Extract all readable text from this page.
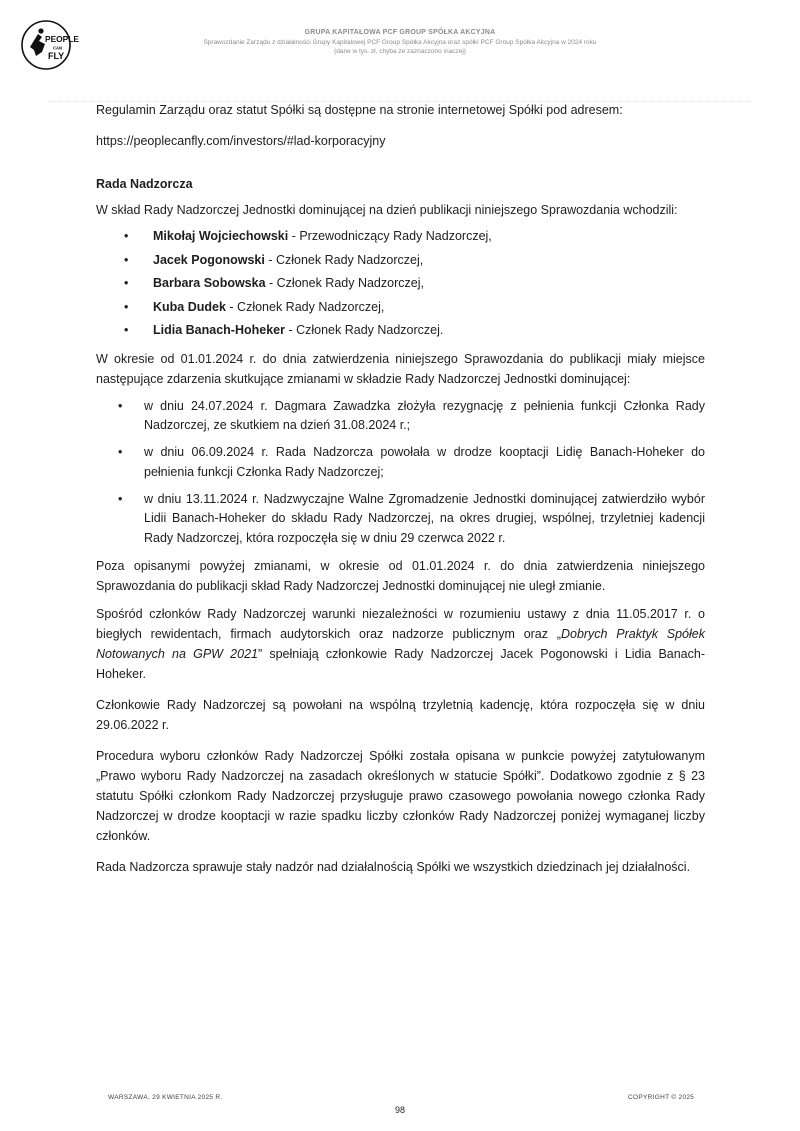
PEOPLE
CAN
FLY
GRUPA KAPITAŁOWA PCF GROUP SPÓŁKA AKCYJNA
Sprawozdanie Zarządu z działalności Grupy Kapitałowej PCF Group Spółka Akcyjna oraz spółki PCF Group Spółka Akcyjna w 2024 roku
(dane w tys. zł, chyba że zaznaczono inaczej)

Regulamin Zarządu oraz statut Spółki są dostępne na stronie internetowej Spółki pod adresem:

https://peoplecanfly.com/investors/#lad-korporacyjny

Rada Nadzorcza

W skład Rady Nadzorczej Jednostki dominującej na dzień publikacji niniejszego Sprawozdania wchodzili:

• Mikołaj Wojciechowski - Przewodniczący Rady Nadzorczej,
• Jacek Pogonowski - Członek Rady Nadzorczej,
• Barbara Sobowska - Członek Rady Nadzorczej,
• Kuba Dudek - Członek Rady Nadzorczej,
• Lidia Banach-Hoheker - Członek Rady Nadzorczej.

W okresie od 01.01.2024 r. do dnia zatwierdzenia niniejszego Sprawozdania do publikacji miały miejsce następujące zdarzenia skutkujące zmianami w składzie Rady Nadzorczej Jednostki dominującej:

• w dniu 24.07.2024 r. Dagmara Zawadzka złożyła rezygnację z pełnienia funkcji Członka Rady Nadzorczej, ze skutkiem na dzień 31.08.2024 r.;
• w dniu 06.09.2024 r. Rada Nadzorcza powołała w drodze kooptacji Lidię Banach-Hoheker do pełnienia funkcji Członka Rady Nadzorczej;
• w dniu 13.11.2024 r. Nadzwyczajne Walne Zgromadzenie Jednostki dominującej zatwierdziło wybór Lidii Banach-Hoheker do składu Rady Nadzorczej, na okres drugiej, wspólnej, trzyletniej kadencji Rady Nadzorczej, która rozpoczęła się w dniu 29 czerwca 2022 r.

Poza opisanymi powyżej zmianami, w okresie od 01.01.2024 r. do dnia zatwierdzenia niniejszego Sprawozdania do publikacji skład Rady Nadzorczej Jednostki dominującej nie uległ zmianie.

Spośród członków Rady Nadzorczej warunki niezależności w rozumieniu ustawy z dnia 11.05.2017 r. o biegłych rewidentach, firmach audytorskich oraz nadzorze publicznym oraz „Dobrych Praktyk Spółek Notowanych na GPW 2021” spełniają członkowie Rady Nadzorczej Jacek Pogonowski i Lidia Banach-Hoheker.

Członkowie Rady Nadzorczej są powołani na wspólną trzyletnią kadencję, która rozpoczęła się w dniu 29.06.2022 r.

Procedura wyboru członków Rady Nadzorczej Spółki została opisana w punkcie powyżej zatytułowanym „Prawo wyboru Rady Nadzorczej na zasadach określonych w statucie Spółki”. Dodatkowo zgodnie z § 23 statutu Spółki członkom Rady Nadzorczej przysługuje prawo czasowego powołania nowego członka Rady Nadzorczej w drodze kooptacji w razie spadku liczby członków Rady Nadzorczej poniżej wymaganej liczby członków.

Rada Nadzorcza sprawuje stały nadzór nad działalnością Spółki we wszystkich dziedzinach jej działalności.

WARSZAWA, 29 KWIETNIA 2025 R.	COPYRIGHT © 2025
98
